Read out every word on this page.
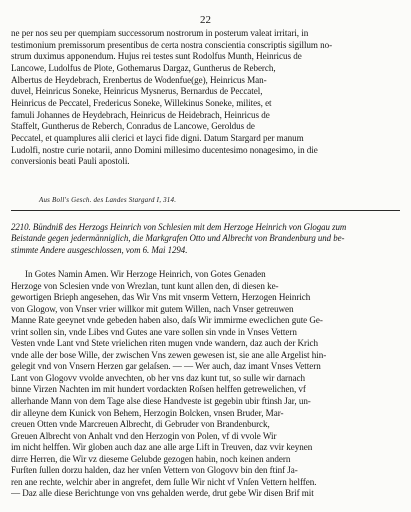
22
ne per nos seu per quempiam successorum nostrorum in posterum valeat irritari, in
testimonium premissorum presentibus de certa nostra conscientia conscriptis sigillum no-
strum duximus apponendum. Hujus rei testes sunt Rodolfus Munth, Heinricus de
Lancowe, Ludolfus de Plote, Gothemarus Dargaz, Guntherus de Reberch,
Albertus de Heydebrach, Erenbertus de Wodenfue(ge), Heinricus Man-
duvel, Heinricus Soneke, Heinricus Mysnerus, Bernardus de Peccatel,
Heinricus de Peccatel, Fredericus Soneke, Willekinus Soneke, milites, et
famuli Johannes de Heydebrach, Heinricus de Heidebrach, Heinricus de
Staffelt, Guntherus de Reberch, Conradus de Lancowe, Geroldus de
Peccatel, et quamplures alii clerici et layci fide digni. Datum Stargard per manum
Ludolfi, nostre curie notarii, anno Domini millesimo ducentesimo nonagesimo, in die
conversionis beati Pauli apostoli.
Aus Boll's Gesch. des Landes Stargard I, 314.
2210. Bündniß des Herzogs Heinrich von Schlesien mit dem Herzoge Heinrich von Glogau zum
Beistande gegen jedermänniglich, die Markgrafen Otto und Albrecht von Brandenburg und be-
stimmte Andere ausgeschlossen, vom 6. Mai 1294.
In Gotes Namin Amen. Wir Herzoge Heinrich, von Gotes Genaden
Herzoge von Sclesien vnde von Wrezlan, tunt kunt allen den, di diesen ke-
gewortigen Brieph angesehen, das Wir Vns mit vnserm Vettern, Herzogen Heinrich
von Glogow, von Vnser vrier willkor mit gutem Willen, nach Vnser getreuwen
Manne Rate geeynet vnde gebeden haben also, daſs Wir immirme eweclichen gute Ge-
vrint sollen sin, vnde Libes vnd Gutes ane vare sollen sin vnde in Vnses Vettern
Vesten vnde Lant vnd Stete vrielichen riten mugen vnde wandern, daz auch der Krich
vnde alle der bose Wille, der zwischen Vns zewen gewesen ist, sie ane alle Argelist hin-
gelegit vnd von Vnsern Herzen gar gelaſsen. — — Wer auch, daz imant Vnses Vettern
Lant von Glogovv vvolde anvechten, ob her vns daz kunt tut, so sulle wir darnach
binne Virzen Nachten im mit hundert vordackten Roſsen helffen getrewelichen, vf
allerhande Mann von dem Tage alse diese Handveste ist gegebin ubir ftinsh Jar, un-
dir alleyne dem Kunick von Behem, Herzogin Bolcken, vnsen Bruder, Mar-
creuen Otten vnde Marcreuen Albrecht, di Gebruder von Brandenburck,
Greuen Albrecht von Anhalt vnd den Herzogin von Polen, vf di vvole Wir
im nicht helffen. Wir globen auch daz ane alle arge Lift in Treuven, daz vvir keynen
dirre Herren, die Wir vz dieseme Gelubde gezogen habin, noch keinen andern
Furſten ſullen dorzu halden, daz her vnſen Vettern von Glogovv bin den ftinf Ja-
ren ane rechte, welchir aber in angrefet, dem ſulle Wir nicht vf Vnſen Vettern helffen.
— Daz alle diese Berichtunge von vns gehalden werde, drut gebe Wir disen Brif mit
